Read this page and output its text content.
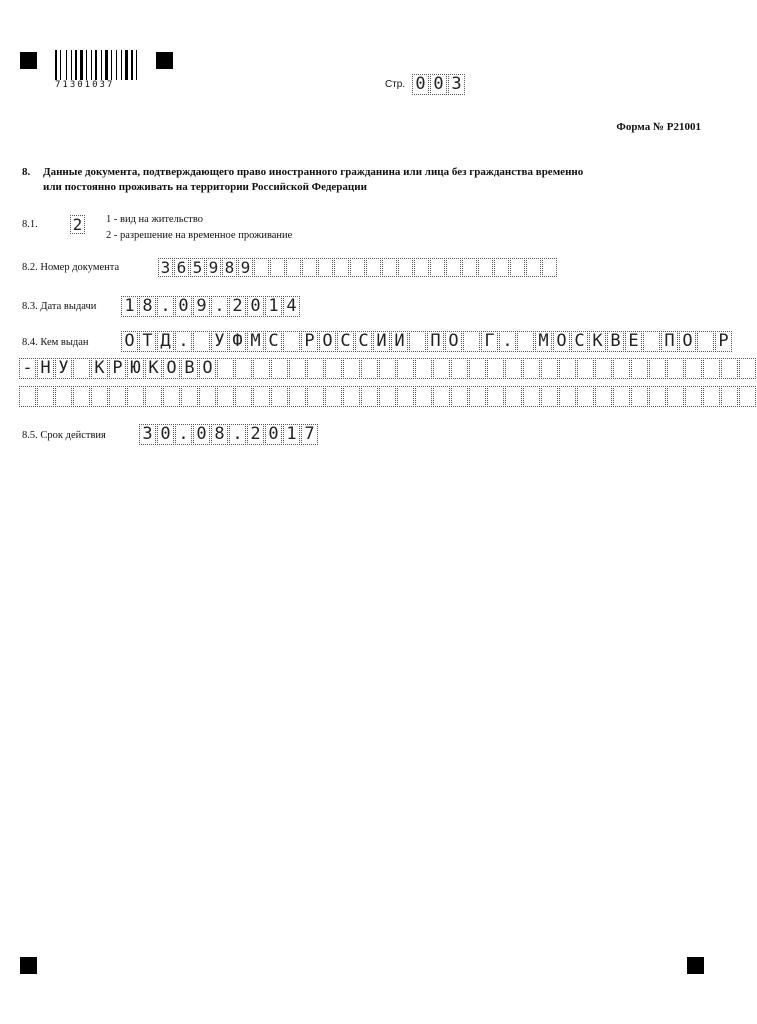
71301037	Стр. 0 0 3
Форма № Р21001
8. Данные документа, подтверждающего право иностранного гражданина или лица без гражданства временно
или постоянно проживать на территории Российской Федерации
8.1. 2 1 - вид на жительство
2 - разрешение на временное проживание
8.2. Номер документа	3 6 5 9 8 9
8.3. Дата выдачи 1 8 . 0 9 . 2 0 1 4
8.4. Кем выдан О Т Д . У Ф М С Р О С С И И П О Г . М О С К В Е П О Р
- Н У К Р Ю К О В О
8.5. Срок действия 3 0 . 0 8 . 2 0 1 7
